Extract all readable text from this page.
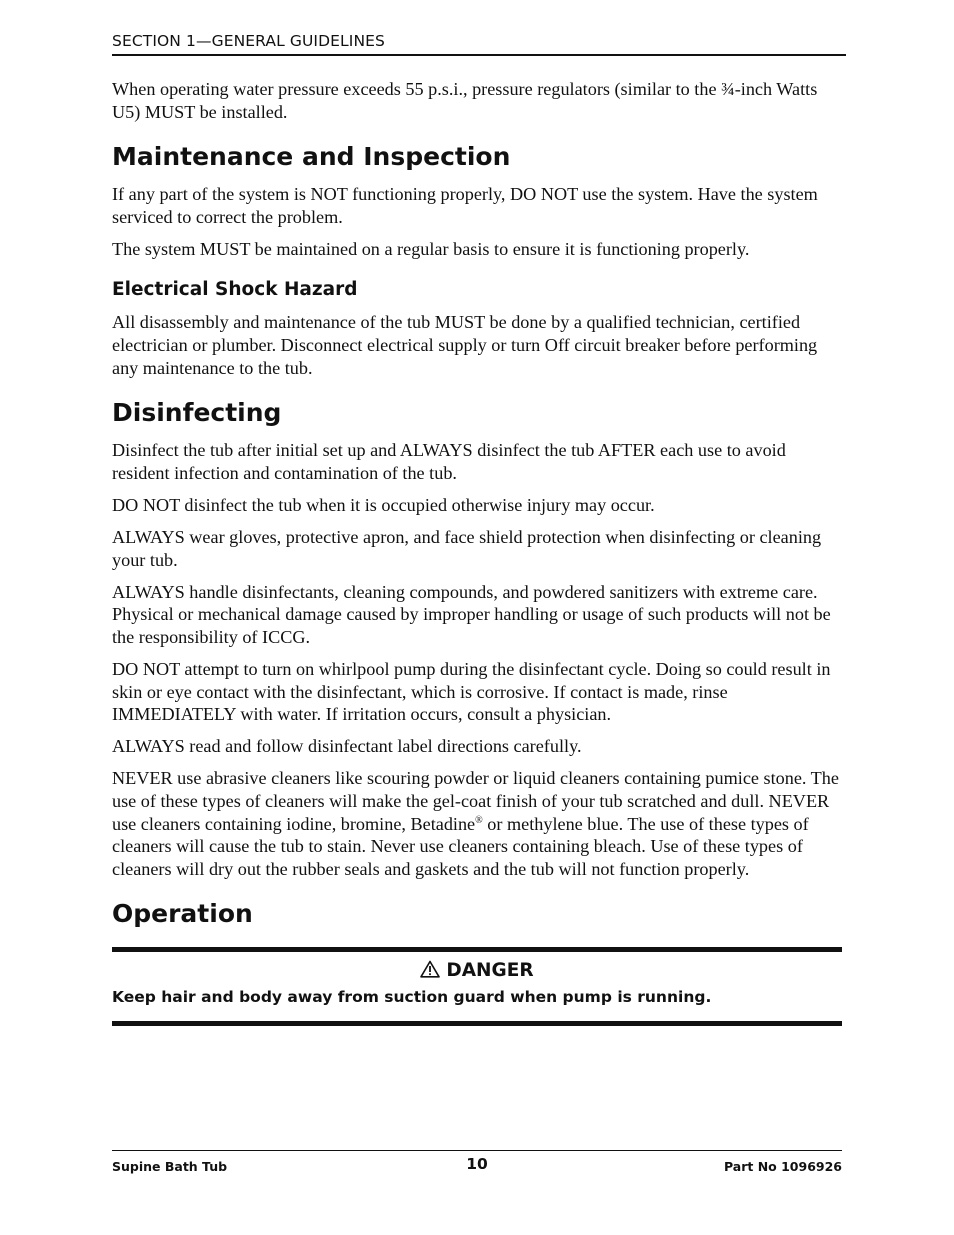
SECTION 1—GENERAL GUIDELINES

When operating water pressure exceeds 55 p.s.i., pressure regulators (similar to the ¾-inch Watts U5) MUST be installed.

Maintenance and Inspection

If any part of the system is NOT functioning properly, DO NOT use the system. Have the system serviced to correct the problem.

The system MUST be maintained on a regular basis to ensure it is functioning properly.

Electrical Shock Hazard

All disassembly and maintenance of the tub MUST be done by a qualified technician, certified electrician or plumber. Disconnect electrical supply or turn Off circuit breaker before performing any maintenance to the tub.

Disinfecting

Disinfect the tub after initial set up and ALWAYS disinfect the tub AFTER each use to avoid resident infection and contamination of the tub.

DO NOT disinfect the tub when it is occupied otherwise injury may occur.

ALWAYS wear gloves, protective apron, and face shield protection when disinfecting or cleaning your tub.

ALWAYS handle disinfectants, cleaning compounds, and powdered sanitizers with extreme care. Physical or mechanical damage caused by improper handling or usage of such products will not be the responsibility of ICCG.

DO NOT attempt to turn on whirlpool pump during the disinfectant cycle. Doing so could result in skin or eye contact with the disinfectant, which is corrosive. If contact is made, rinse IMMEDIATELY with water. If irritation occurs, consult a physician.

ALWAYS read and follow disinfectant label directions carefully.

NEVER use abrasive cleaners like scouring powder or liquid cleaners containing pumice stone. The use of these types of cleaners will make the gel-coat finish of your tub scratched and dull. NEVER use cleaners containing iodine, bromine, Betadine® or methylene blue. The use of these types of cleaners will cause the tub to stain. Never use cleaners containing bleach. Use of these types of cleaners will dry out the rubber seals and gaskets and the tub will not function properly.

Operation
DANGER
Keep hair and body away from suction guard when pump is running.
Supine Bath Tub	10	Part No 1096926
